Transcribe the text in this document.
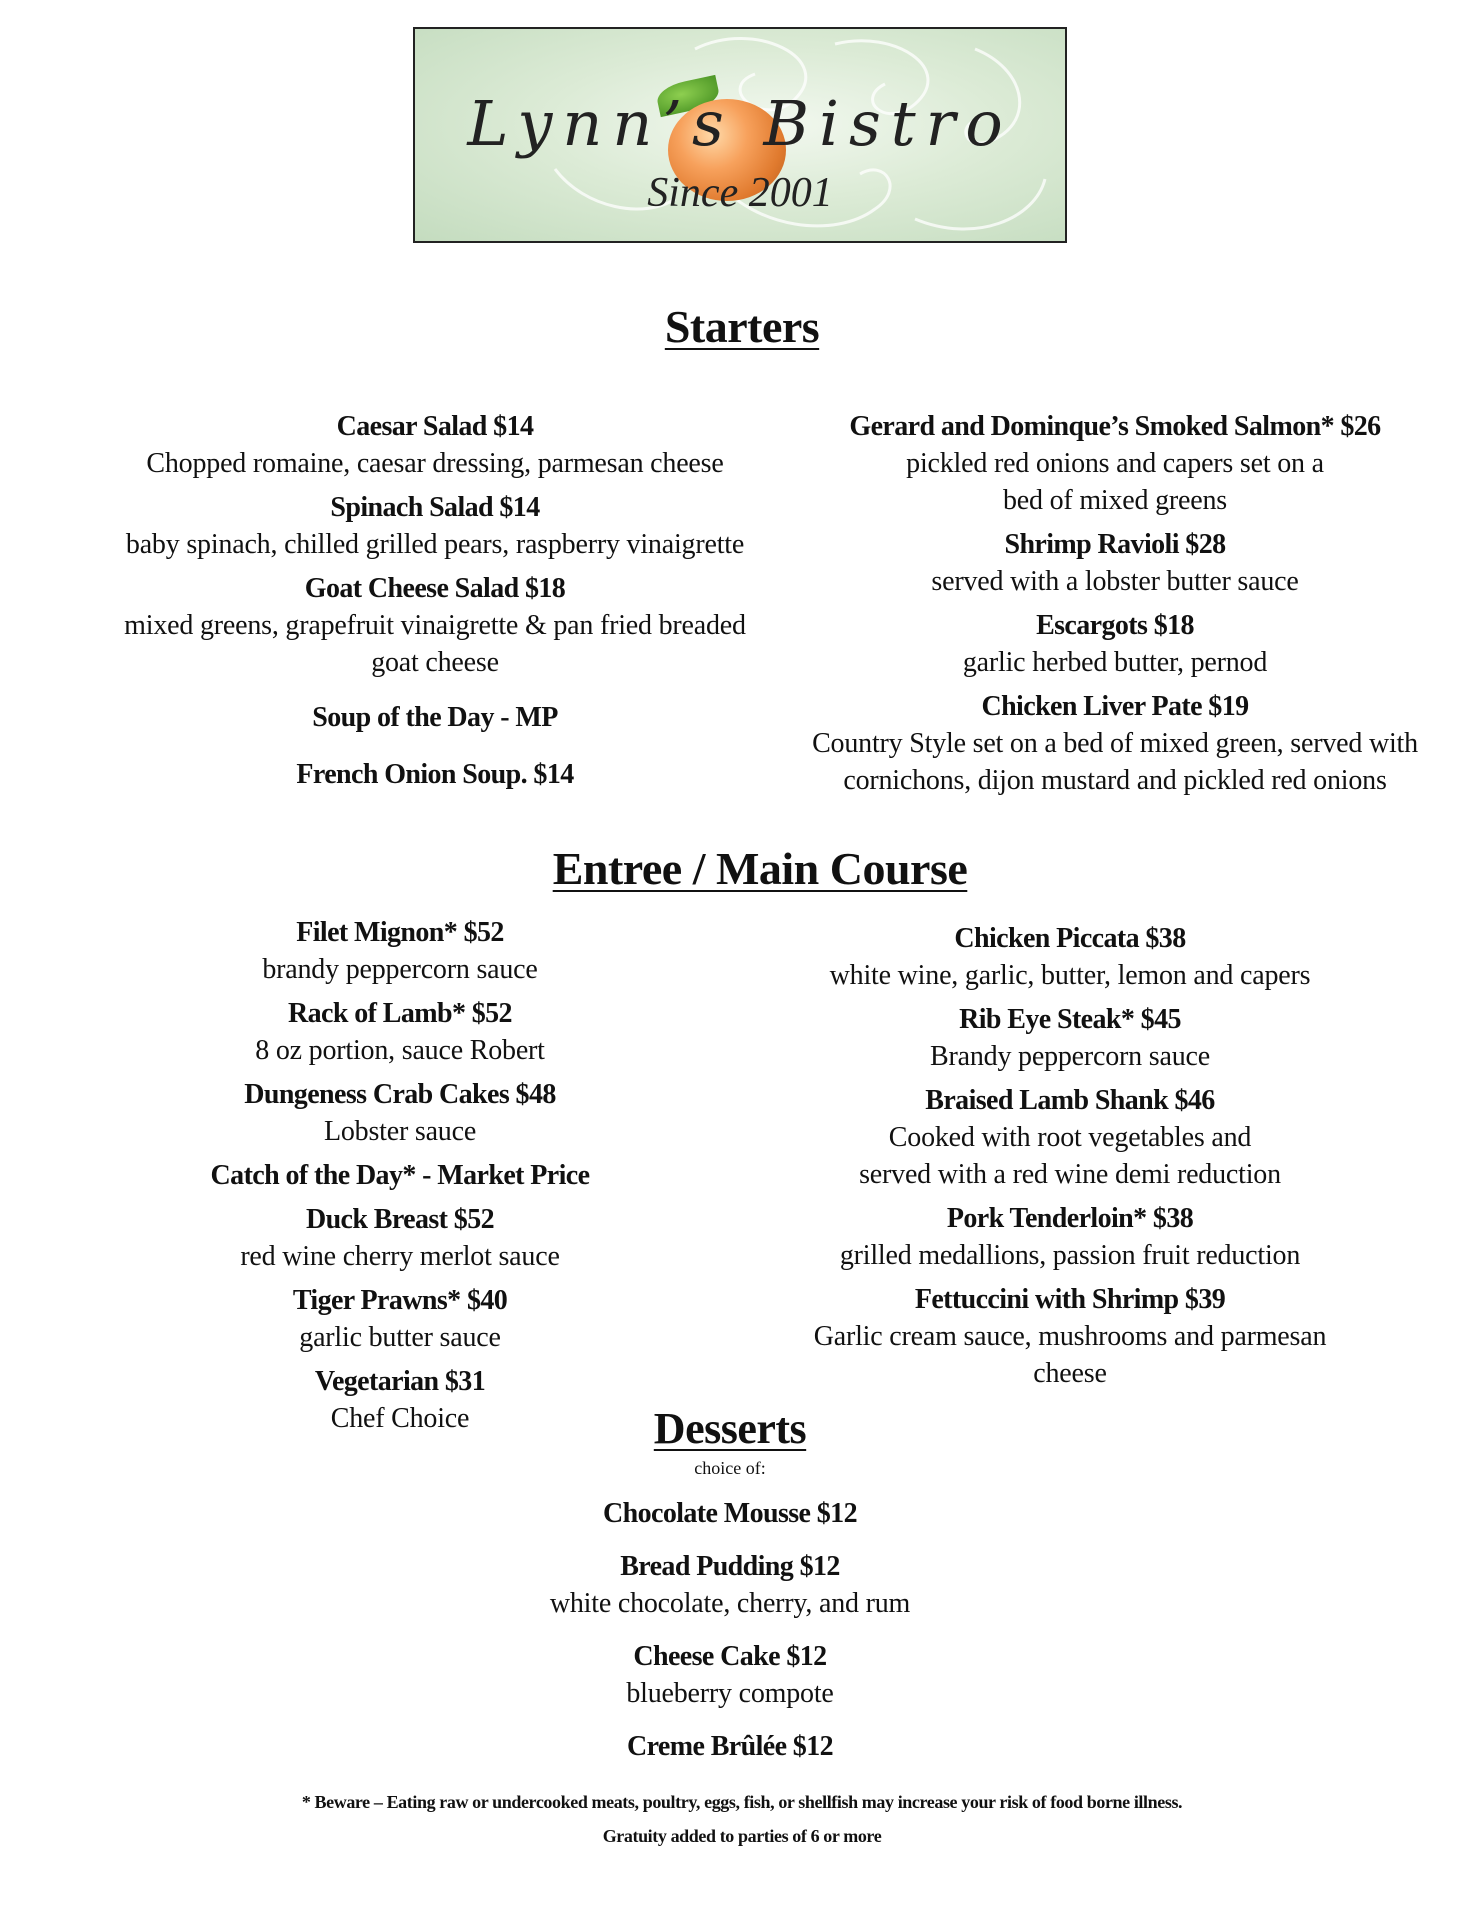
Lynn’s Bistro
Since 2001
Starters
Caesar Salad $14
Chopped romaine, caesar dressing, parmesan cheese
Spinach Salad $14
baby spinach, chilled grilled pears, raspberry vinaigrette
Goat Cheese Salad $18
mixed greens, grapefruit vinaigrette & pan fried breaded
goat cheese
Soup of the Day - MP
French Onion Soup. $14
Gerard and Dominque’s Smoked Salmon* $26
pickled red onions and capers set on a
bed of mixed greens
Shrimp Ravioli $28
served with a lobster butter sauce
Escargots $18
garlic herbed butter, pernod
Chicken Liver Pate $19
Country Style set on a bed of mixed green, served with
cornichons, dijon mustard and pickled red onions
Entree / Main Course
Filet Mignon* $52
brandy peppercorn sauce
Rack of Lamb* $52
8 oz portion, sauce Robert
Dungeness Crab Cakes $48
Lobster sauce
Catch of the Day* - Market Price
Duck Breast $52
red wine cherry merlot sauce
Tiger Prawns* $40
garlic butter sauce
Vegetarian $31
Chef Choice
Chicken Piccata $38
white wine, garlic, butter, lemon and capers
Rib Eye Steak* $45
Brandy peppercorn sauce
Braised Lamb Shank $46
Cooked with root vegetables and
served with a red wine demi reduction
Pork Tenderloin* $38
grilled medallions, passion fruit reduction
Fettuccini with Shrimp $39
Garlic cream sauce, mushrooms and parmesan
cheese
Desserts
choice of:
Chocolate Mousse $12
Bread Pudding $12
white chocolate, cherry, and rum
Cheese Cake $12
blueberry compote
Creme Brûlée $12
* Beware – Eating raw or undercooked meats, poultry, eggs, fish, or shellfish may increase your risk of food borne illness.
Gratuity added to parties of 6 or more
